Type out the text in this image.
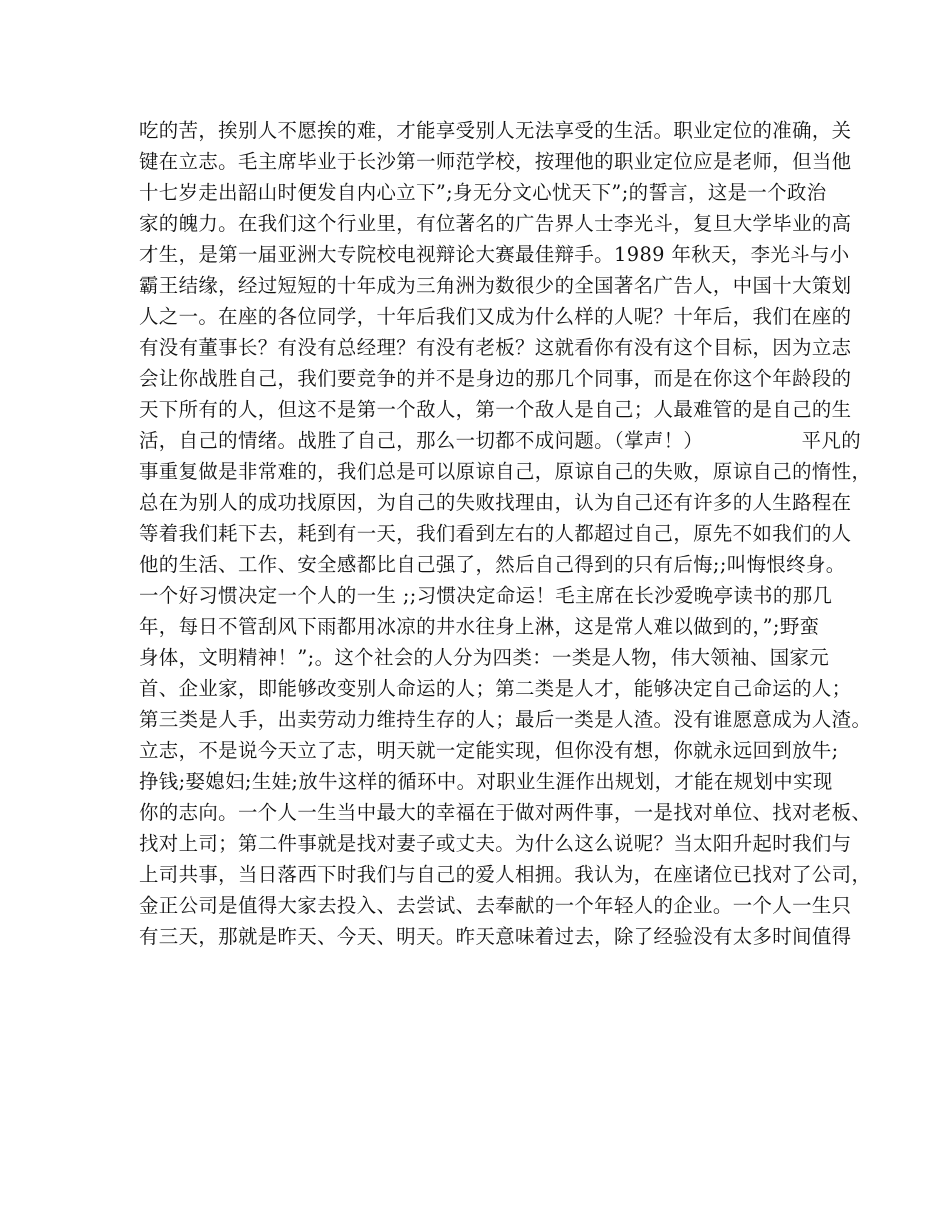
吃的苦，挨别人不愿挨的难，才能享受别人无法享受的生活。职业定位的准确，关
键在立志。毛主席毕业于长沙第一师范学校，按理他的职业定位应是老师，但当他
十七岁走出韶山时便发自内心立下”;身无分文心忧天下”;的誓言，这是一个政治
家的魄力。在我们这个行业里，有位著名的广告界人士李光斗，复旦大学毕业的高
才生，是第一届亚洲大专院校电视辩论大赛最佳辩手。1989 年秋天，李光斗与小
霸王结缘，经过短短的十年成为三角洲为数很少的全国著名广告人，中国十大策划
人之一。在座的各位同学，十年后我们又成为什么样的人呢？十年后，我们在座的
有没有董事长？有没有总经理？有没有老板？这就看你有没有这个目标，因为立志
会让你战胜自己，我们要竞争的并不是身边的那几个同事，而是在你这个年龄段的
天下所有的人，但这不是第一个敌人，第一个敌人是自己；人最难管的是自己的生
活，自己的情绪。战胜了自己，那么一切都不成问题。（掌声！）               平凡的
事重复做是非常难的，我们总是可以原谅自己，原谅自己的失败，原谅自己的惰性，
总在为别人的成功找原因，为自己的失败找理由，认为自己还有许多的人生路程在
等着我们耗下去，耗到有一天，我们看到左右的人都超过自己，原先不如我们的人
他的生活、工作、安全感都比自己强了，然后自己得到的只有后悔;;叫悔恨终身。
一个好习惯决定一个人的一生 ;;习惯决定命运！毛主席在长沙爱晚亭读书的那几
年，每日不管刮风下雨都用冰凉的井水往身上淋，这是常人难以做到的，”;野蛮
身体，文明精神！”;。这个社会的人分为四类：一类是人物，伟大领袖、国家元
首、企业家，即能够改变别人命运的人；第二类是人才，能够决定自己命运的人；
第三类是人手，出卖劳动力维持生存的人；最后一类是人渣。没有谁愿意成为人渣。
立志，不是说今天立了志，明天就一定能实现，但你没有想，你就永远回到放牛;
挣钱;娶媳妇;生娃;放牛这样的循环中。对职业生涯作出规划，才能在规划中实现
你的志向。一个人一生当中最大的幸福在于做对两件事，一是找对单位、找对老板、
找对上司；第二件事就是找对妻子或丈夫。为什么这么说呢？当太阳升起时我们与
上司共事，当日落西下时我们与自己的爱人相拥。我认为，在座诸位已找对了公司，
金正公司是值得大家去投入、去尝试、去奉献的一个年轻人的企业。一个人一生只
有三天，那就是昨天、今天、明天。昨天意味着过去，除了经验没有太多时间值得
